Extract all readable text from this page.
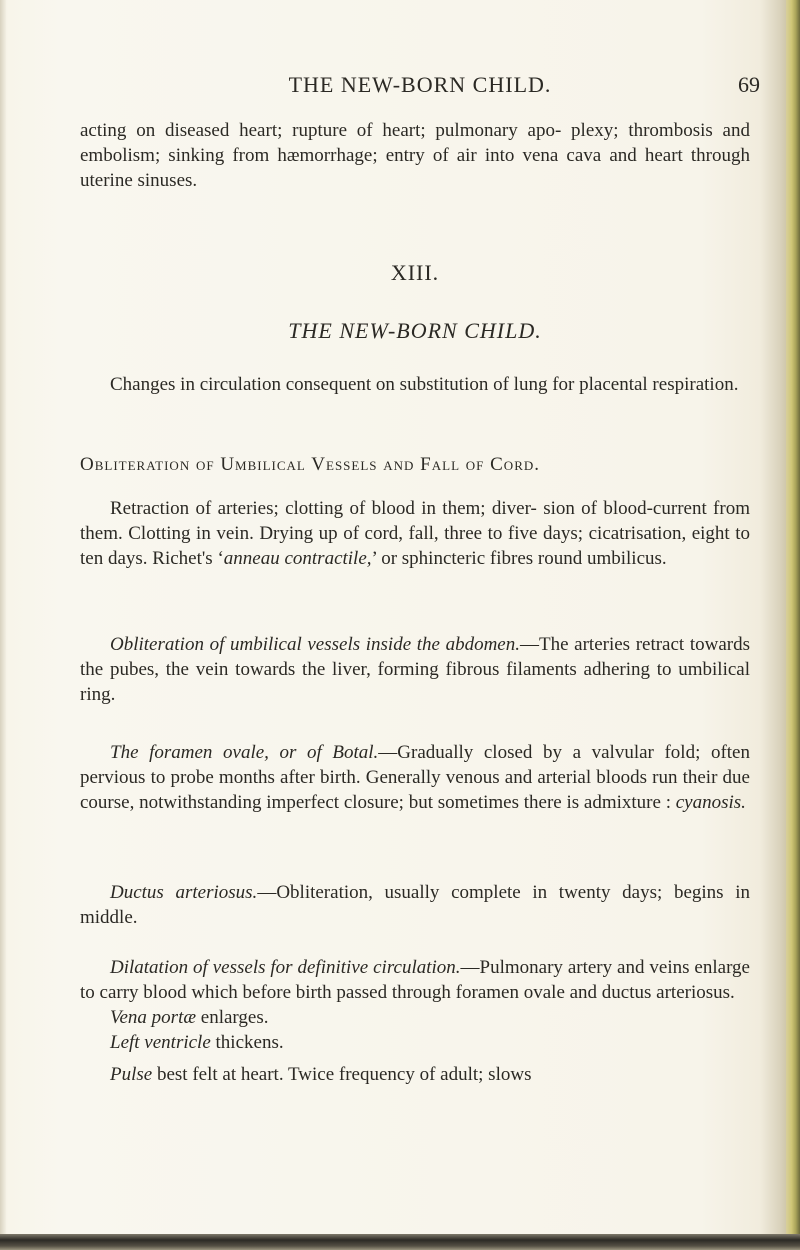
THE NEW-BORN CHILD.	69
acting on diseased heart; rupture of heart; pulmonary apo- plexy; thrombosis and embolism; sinking from hæmorrhage; entry of air into vena cava and heart through uterine sinuses.
XIII.
THE NEW-BORN CHILD.
Changes in circulation consequent on substitution of lung for placental respiration.
Obliteration of Umbilical Vessels and Fall of Cord.
Retraction of arteries; clotting of blood in them; diver- sion of blood-current from them. Clotting in vein. Drying up of cord, fall, three to five days; cicatrisation, eight to ten days. Richet's ‘anneau contractile,’ or sphincteric fibres round umbilicus.
Obliteration of umbilical vessels inside the abdomen.—The arteries retract towards the pubes, the vein towards the liver, forming fibrous filaments adhering to umbilical ring.
The foramen ovale, or of Botal.—Gradually closed by a valvular fold; often pervious to probe months after birth. Generally venous and arterial bloods run their due course, notwithstanding imperfect closure; but sometimes there is admixture : cyanosis.
Ductus arteriosus.—Obliteration, usually complete in twenty days; begins in middle.
Dilatation of vessels for definitive circulation.—Pulmonary artery and veins enlarge to carry blood which before birth passed through foramen ovale and ductus arteriosus.
Vena portæ enlarges.
Left ventricle thickens.
Pulse best felt at heart. Twice frequency of adult; slows
